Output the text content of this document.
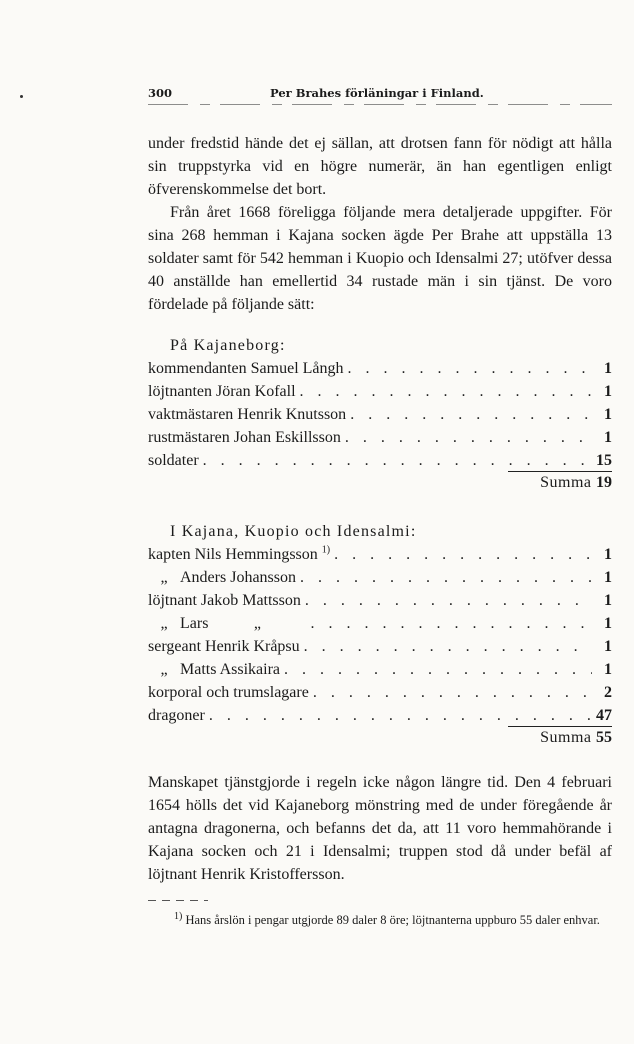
300	Per Brahes förläningar i Finland.

under fredstid hände det ej sällan, att drotsen fann för nödigt att hålla sin truppstyrka vid en högre numerär, än han egentligen enligt öfverenskommelse det bort.

Från året 1668 föreligga följande mera detaljerade uppgifter. För sina 268 hemman i Kajana socken ägde Per Brahe att uppställa 13 soldater samt för 542 hemman i Kuopio och Idensalmi 27; utöfver dessa 40 anställde han emellertid 34 rustade män i sin tjänst. De voro fördelade på följande sätt:

På Kajaneborg:

kommendanten Samuel Långh . . .	1
löjtnanten Jöran Kofall . . .	1
vaktmästaren Henrik Knutsson . . .	1
rustmästaren Johan Eskillsson . . .	1
soldater . . .	15
Summa 19

I Kajana, Kuopio och Idensalmi:

kapten Nils Hemmingsson $^{1)}$ . . .	1
„ Anders Johansson . . .	1
löjtnant Jakob Mattsson . . .	1
„ Lars	„ . . .	1
sergeant Henrik Kråpsu . . .	1
„ Matts Assikaira . . .	1
korporal och trumslagare . . .	2
dragoner . . .	47
Summa 55

Manskapet tjänstgjorde i regeln icke någon längre tid. Den 4 februari 1654 hölls det vid Kajaneborg mönstring med de under föregående år antagna dragonerna, och befanns det da, att 11 voro hemmahörande i Kajana socken och 21 i Idensalmi; truppen stod då under befäl af löjtnant Henrik Kristoffersson.

$^{1)}$ Hans årslön i pengar utgjorde 89 daler 8 öre; löjtnanterna uppburo 55 daler enhvar.
